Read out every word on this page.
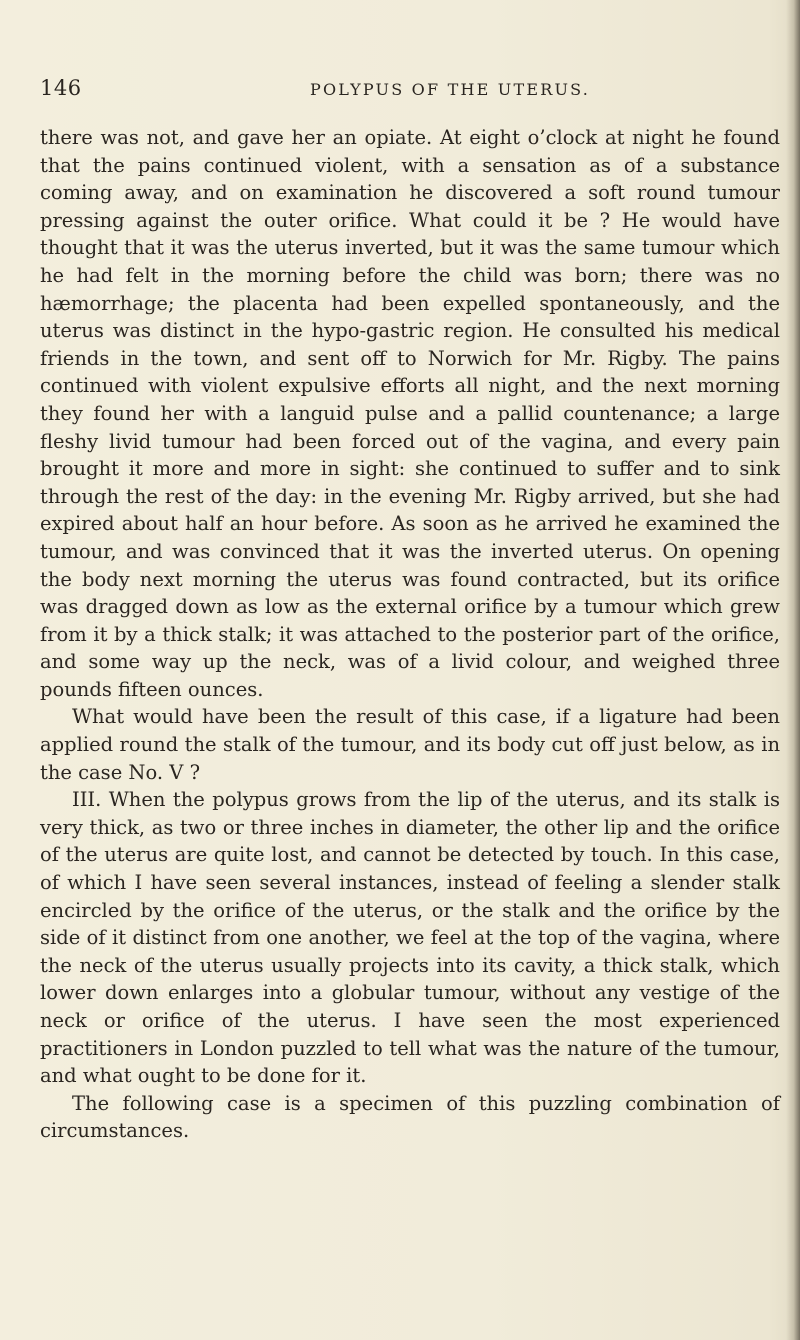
146	POLYPUS OF THE UTERUS.

there was not, and gave her an opiate. At eight o’clock at night he found that the pains continued violent, with a sensation as of a substance coming away, and on examination he discovered a soft round tumour pressing against the outer orifice. What could it be ? He would have thought that it was the uterus inverted, but it was the same tumour which he had felt in the morning before the child was born; there was no hæmorrhage; the placenta had been expelled spontaneously, and the uterus was distinct in the hypo-gastric region. He consulted his medical friends in the town, and sent off to Norwich for Mr. Rigby. The pains continued with violent expulsive efforts all night, and the next morning they found her with a languid pulse and a pallid countenance; a large fleshy livid tumour had been forced out of the vagina, and every pain brought it more and more in sight: she continued to suffer and to sink through the rest of the day: in the evening Mr. Rigby arrived, but she had expired about half an hour before. As soon as he arrived he examined the tumour, and was convinced that it was the inverted uterus. On opening the body next morning the uterus was found contracted, but its orifice was dragged down as low as the external orifice by a tumour which grew from it by a thick stalk; it was attached to the posterior part of the orifice, and some way up the neck, was of a livid colour, and weighed three pounds fifteen ounces.

What would have been the result of this case, if a ligature had been applied round the stalk of the tumour, and its body cut off just below, as in the case No. V ?

III. When the polypus grows from the lip of the uterus, and its stalk is very thick, as two or three inches in diameter, the other lip and the orifice of the uterus are quite lost, and cannot be detected by touch. In this case, of which I have seen several instances, instead of feeling a slender stalk encircled by the orifice of the uterus, or the stalk and the orifice by the side of it distinct from one another, we feel at the top of the vagina, where the neck of the uterus usually projects into its cavity, a thick stalk, which lower down enlarges into a globular tumour, without any vestige of the neck or orifice of the uterus. I have seen the most experienced practitioners in London puzzled to tell what was the nature of the tumour, and what ought to be done for it.

The following case is a specimen of this puzzling combination of circumstances.
